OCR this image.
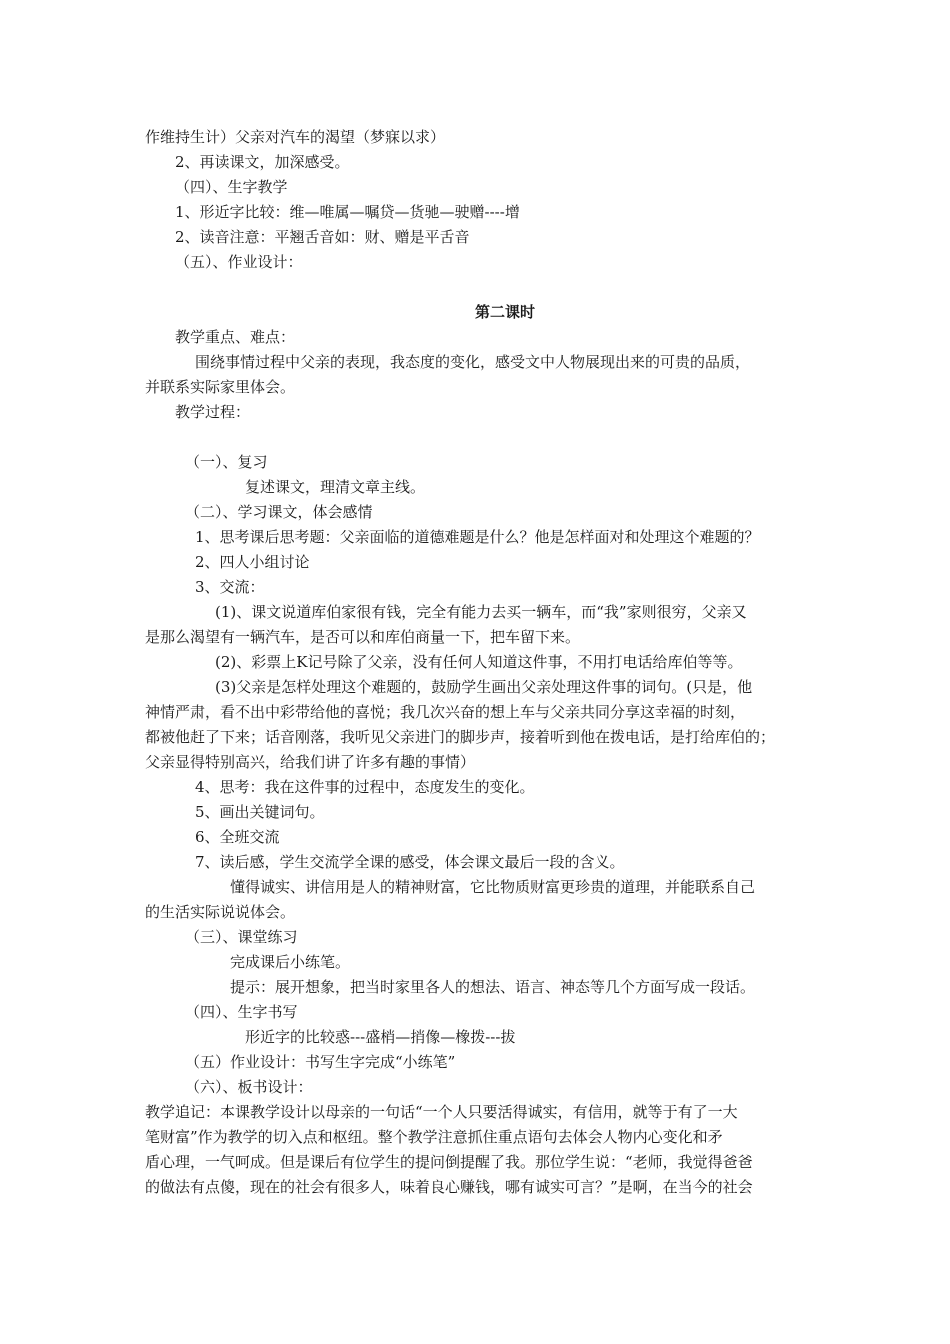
作维持生计）父亲对汽车的渴望（梦寐以求）
2、再读课文，加深感受。
（四）、生字教学
1、形近字比较：维—唯属—嘱贷—货驰—驶赠----增
2、读音注意：平翘舌音如：财、赠是平舌音
（五）、作业设计：
第二课时
教学重点、难点：
围绕事情过程中父亲的表现，我态度的变化，感受文中人物展现出来的可贵的品质，
并联系实际家里体会。
教学过程：
（一）、复习
复述课文，理清文章主线。
（二）、学习课文，体会感情
1、思考课后思考题：父亲面临的道德难题是什么？他是怎样面对和处理这个难题的？
2、四人小组讨论
3、交流：
(1)、课文说道库伯家很有钱，完全有能力去买一辆车，而“我”家则很穷，父亲又
是那么渴望有一辆汽车，是否可以和库伯商量一下，把车留下来。
(2)、彩票上K记号除了父亲，没有任何人知道这件事，不用打电话给库伯等等。
(3)父亲是怎样处理这个难题的，鼓励学生画出父亲处理这件事的词句。(只是，他
神情严肃，看不出中彩带给他的喜悦；我几次兴奋的想上车与父亲共同分享这幸福的时刻，
都被他赶了下来；话音刚落，我听见父亲进门的脚步声，接着听到他在拨电话，是打给库伯的；
父亲显得特别高兴，给我们讲了许多有趣的事情）
4、思考：我在这件事的过程中，态度发生的变化。
5、画出关键词句。
6、全班交流
7、读后感，学生交流学全课的感受，体会课文最后一段的含义。
懂得诚实、讲信用是人的精神财富，它比物质财富更珍贵的道理，并能联系自己
的生活实际说说体会。
（三）、课堂练习
完成课后小练笔。
提示：展开想象，把当时家里各人的想法、语言、神态等几个方面写成一段话。
（四）、生字书写
形近字的比较惑---盛梢—捎像—橡拨---拔
（五）作业设计：书写生字完成“小练笔”
（六）、板书设计：
教学追记：本课教学设计以母亲的一句话“一个人只要活得诚实，有信用，就等于有了一大
笔财富”作为教学的切入点和枢纽。整个教学注意抓住重点语句去体会人物内心变化和矛
盾心理，一气呵成。但是课后有位学生的提问倒提醒了我。那位学生说：“老师，我觉得爸爸
的做法有点傻，现在的社会有很多人，味着良心赚钱，哪有诚实可言？”是啊，在当今的社会
